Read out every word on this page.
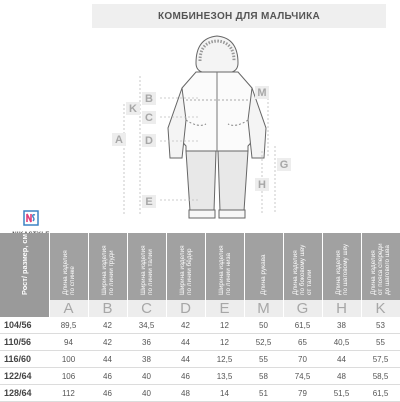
КОМБИНЕЗОН ДЛЯ МАЛЬЧИКА
A
K
B
C
D
E
M
G
H
Рост/ размер, см	Длина изделия
по спинке	Ширина изделия
по линии груди	Ширина изделия
по линии талии	Ширина изделия
по линии бёдер	Ширина изделия
по линии низа	Длина рукава	Длина изделия
по боковому шву
от талии	Длина изделия
по шаговому шву	Длина изделия
от пояса спереди
до шагового шва
	A	B	C	D	E	M	G	H	K
104/56	89,5	42	34,5	42	12	50	61,5	38	53
110/56	94	42	36	44	12	52,5	65	40,5	55
116/60	100	44	38	44	12,5	55	70	44	57,5
122/64	106	46	40	46	13,5	58	74,5	48	58,5
128/64	112	46	40	48	14	51	79	51,5	61,5
